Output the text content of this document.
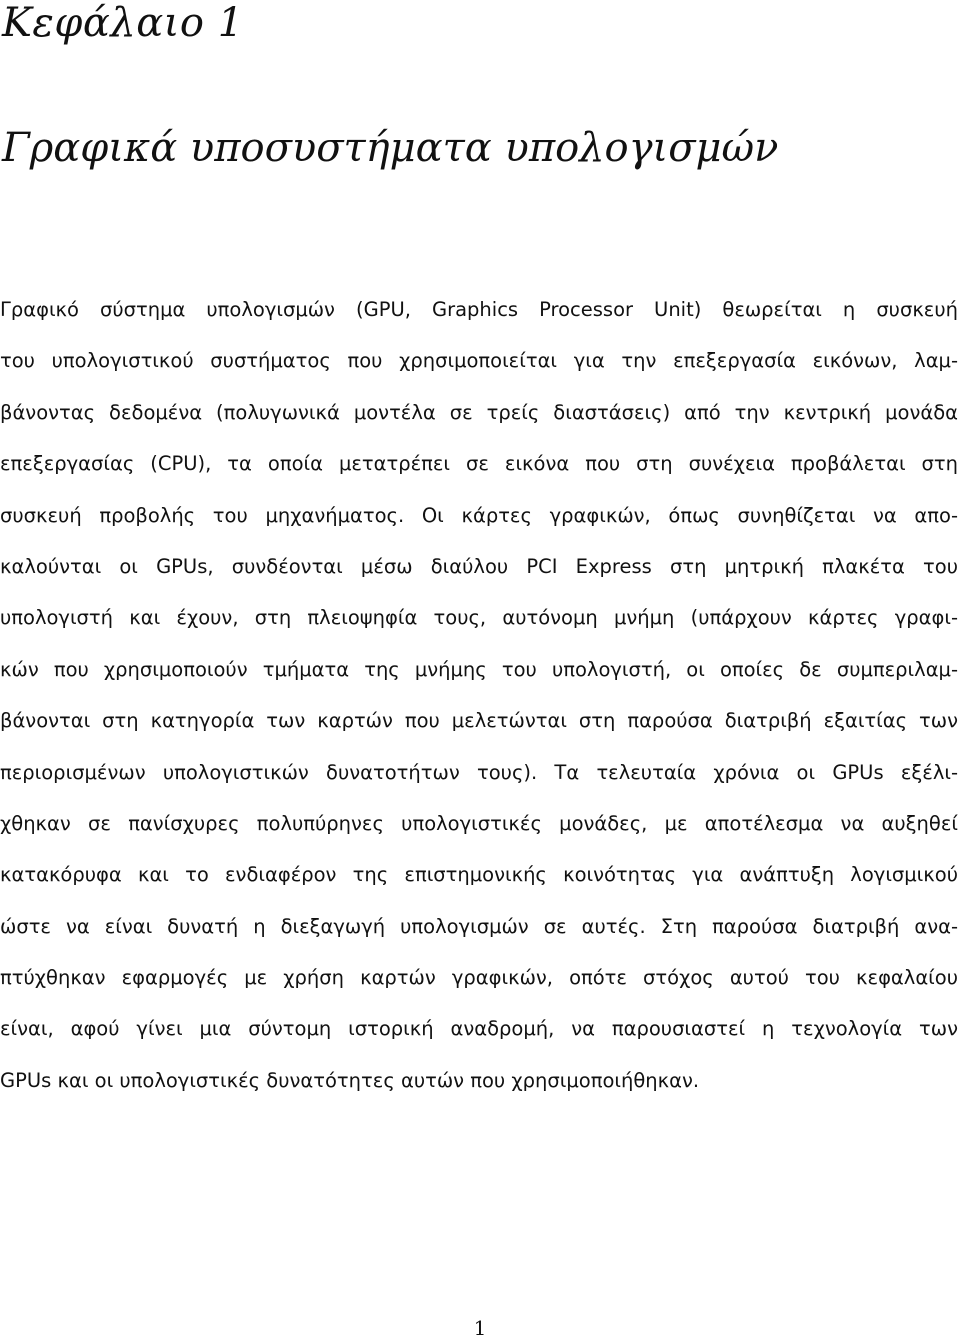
Κεφάλαιο 1
Γραφικά υποσυστήματα υπολογισμών
Γραφικό σύστημα υπολογισμών (GPU, Graphics Processor Unit) θεωρείται η συσκευή
του υπολογιστικού συστήματος που χρησιμοποιείται για την επεξεργασία εικόνων, λαμ-
βάνοντας δεδομένα (πολυγωνικά μοντέλα σε τρείς διαστάσεις) από την κεντρική μονάδα
επεξεργασίας (CPU), τα οποία μετατρέπει σε εικόνα που στη συνέχεια προβάλεται στη
συσκευή προβολής του μηχανήματος. Οι κάρτες γραφικών, όπως συνηθίζεται να απο-
καλούνται οι GPUs, συνδέονται μέσω διαύλου PCI Express στη μητρική πλακέτα του
υπολογιστή και έχουν, στη πλειοψηφία τους, αυτόνομη μνήμη (υπάρχουν κάρτες γραφι-
κών που χρησιμοποιούν τμήματα της μνήμης του υπολογιστή, οι οποίες δε συμπεριλαμ-
βάνονται στη κατηγορία των καρτών που μελετώνται στη παρούσα διατριβή εξαιτίας των
περιορισμένων υπολογιστικών δυνατοτήτων τους). Τα τελευταία χρόνια οι GPUs εξέλι-
χθηκαν σε πανίσχυρες πολυπύρηνες υπολογιστικές μονάδες, με αποτέλεσμα να αυξηθεί
κατακόρυφα και το ενδιαφέρον της επιστημονικής κοινότητας για ανάπτυξη λογισμικού
ώστε να είναι δυνατή η διεξαγωγή υπολογισμών σε αυτές. Στη παρούσα διατριβή ανα-
πτύχθηκαν εφαρμογές με χρήση καρτών γραφικών, οπότε στόχος αυτού του κεφαλαίου
είναι, αφού γίνει μια σύντομη ιστορική αναδρομή, να παρουσιαστεί η τεχνολογία των
GPUs και οι υπολογιστικές δυνατότητες αυτών που χρησιμοποιήθηκαν.
1
